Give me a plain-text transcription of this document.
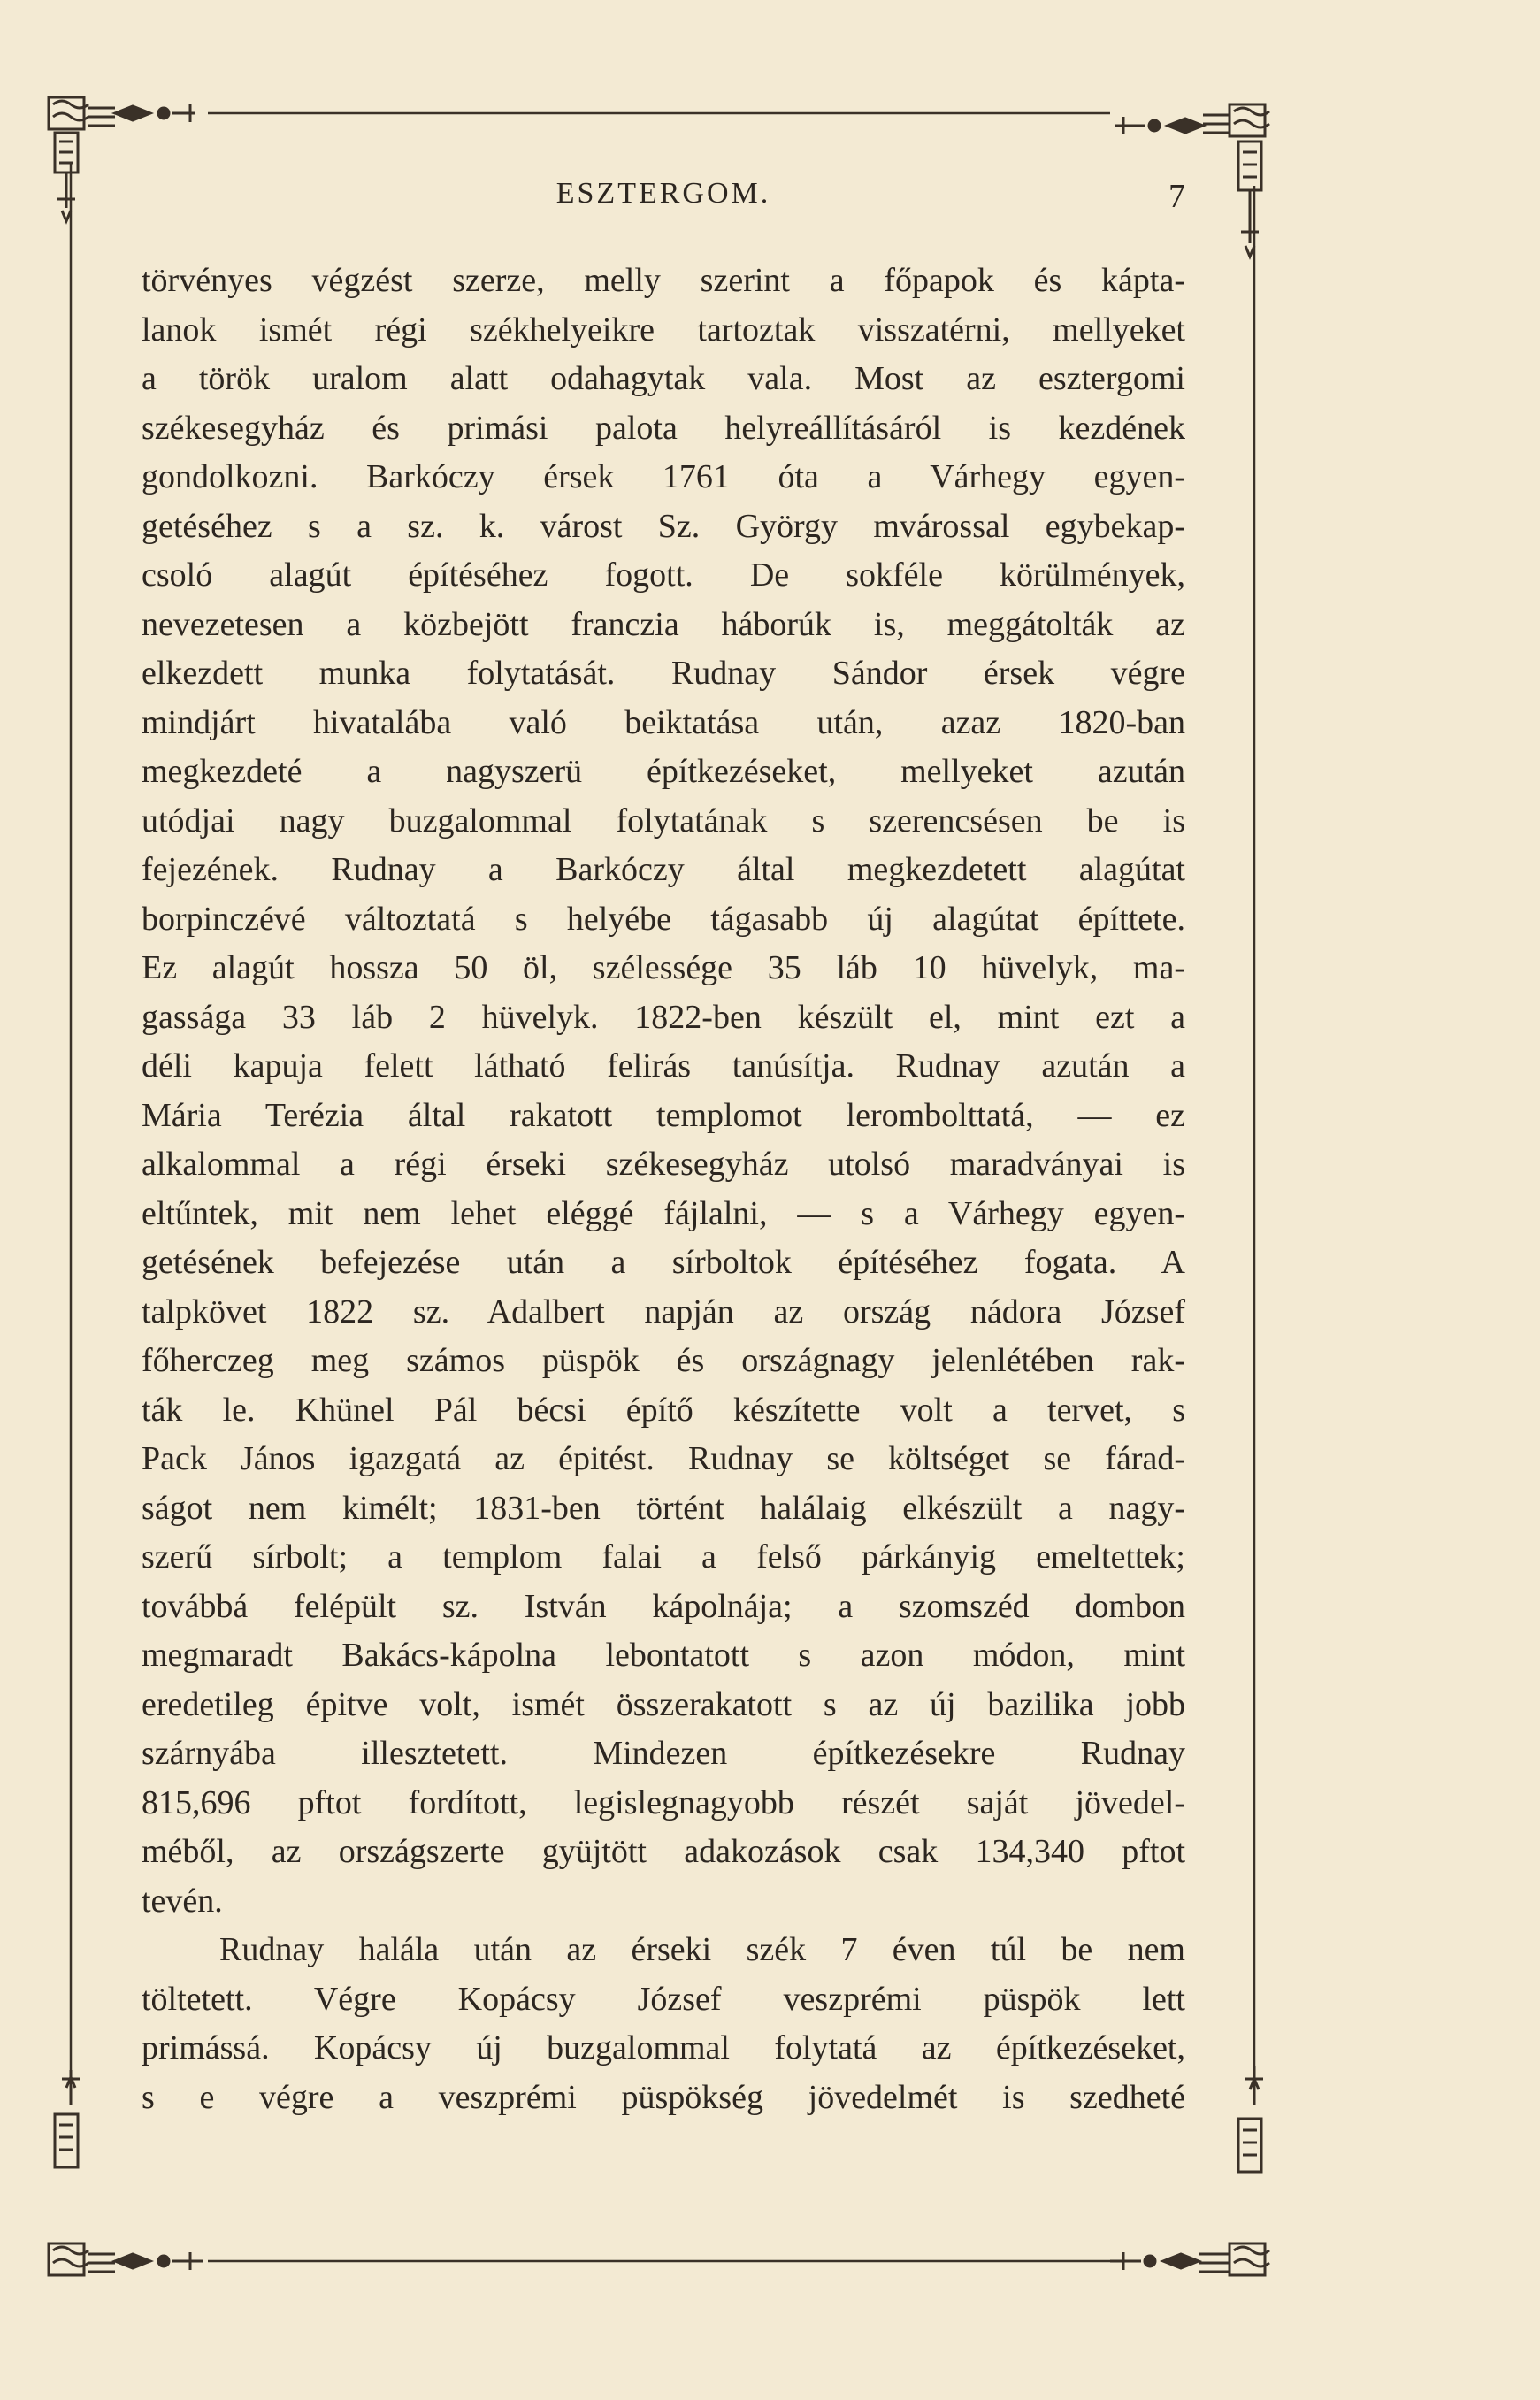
ESZTERGOM.	7

törvényes végzést szerze, melly szerint a főpapok és kápta-
lanok ismét régi székhelyeikre tartoztak visszatérni, mellyeket
a török uralom alatt odahagytak vala. Most az esztergomi
székesegyház és primási palota helyreállításáról is kezdének
gondolkozni. Barkóczy érsek 1761 óta a Várhegy egyen-
getéséhez s a sz. k. várost Sz. György mvárossal egybekap-
csoló alagút építéséhez fogott. De sokféle körülmények,
nevezetesen a közbejött franczia háborúk is, meggátolták az
elkezdett munka folytatását. Rudnay Sándor érsek végre
mindjárt hivatalába való beiktatása után, azaz 1820-ban
megkezdeté a nagyszerü építkezéseket, mellyeket azután
utódjai nagy buzgalommal folytatának s szerencsésen be is
fejezének. Rudnay a Barkóczy által megkezdetett alagútat
borpinczévé változtatá s helyébe tágasabb új alagútat építtete.
Ez alagút hossza 50 öl, szélessége 35 láb 10 hüvelyk, ma-
gassága 33 láb 2 hüvelyk. 1822-ben készült el, mint ezt a
déli kapuja felett látható felirás tanúsítja. Rudnay azután a
Mária Terézia által rakatott templomot lerombolttatá, — ez
alkalommal a régi érseki székesegyház utolsó maradványai is
eltűntek, mit nem lehet eléggé fájlalni, — s a Várhegy egyen-
getésének befejezése után a sírboltok építéséhez fogata. A
talpkövet 1822 sz. Adalbert napján az ország nádora József
főherczeg meg számos püspök és országnagy jelenlétében rak-
ták le. Khünel Pál bécsi építő készítette volt a tervet, s
Pack János igazgatá az épitést. Rudnay se költséget se fárad-
ságot nem kimélt; 1831-ben történt halálaig elkészült a nagy-
szerű sírbolt; a templom falai a felső párkányig emeltettek;
továbbá felépült sz. István kápolnája; a szomszéd dombon
megmaradt Bakács-kápolna lebontatott s azon módon, mint
eredetileg épitve volt, ismét összerakatott s az új bazilika jobb
szárnyába illesztetett. Mindezen építkezésekre Rudnay
815,696 pftot fordított, legislegnagyobb részét saját jövedel-
méből, az országszerte gyüjtött adakozások csak 134,340 pftot
tevén.

Rudnay halála után az érseki szék 7 éven túl be nem
töltetett. Végre Kopácsy József veszprémi püspök lett
primássá. Kopácsy új buzgalommal folytatá az építkezéseket,
s e végre a veszprémi püspökség jövedelmét is szedheté
